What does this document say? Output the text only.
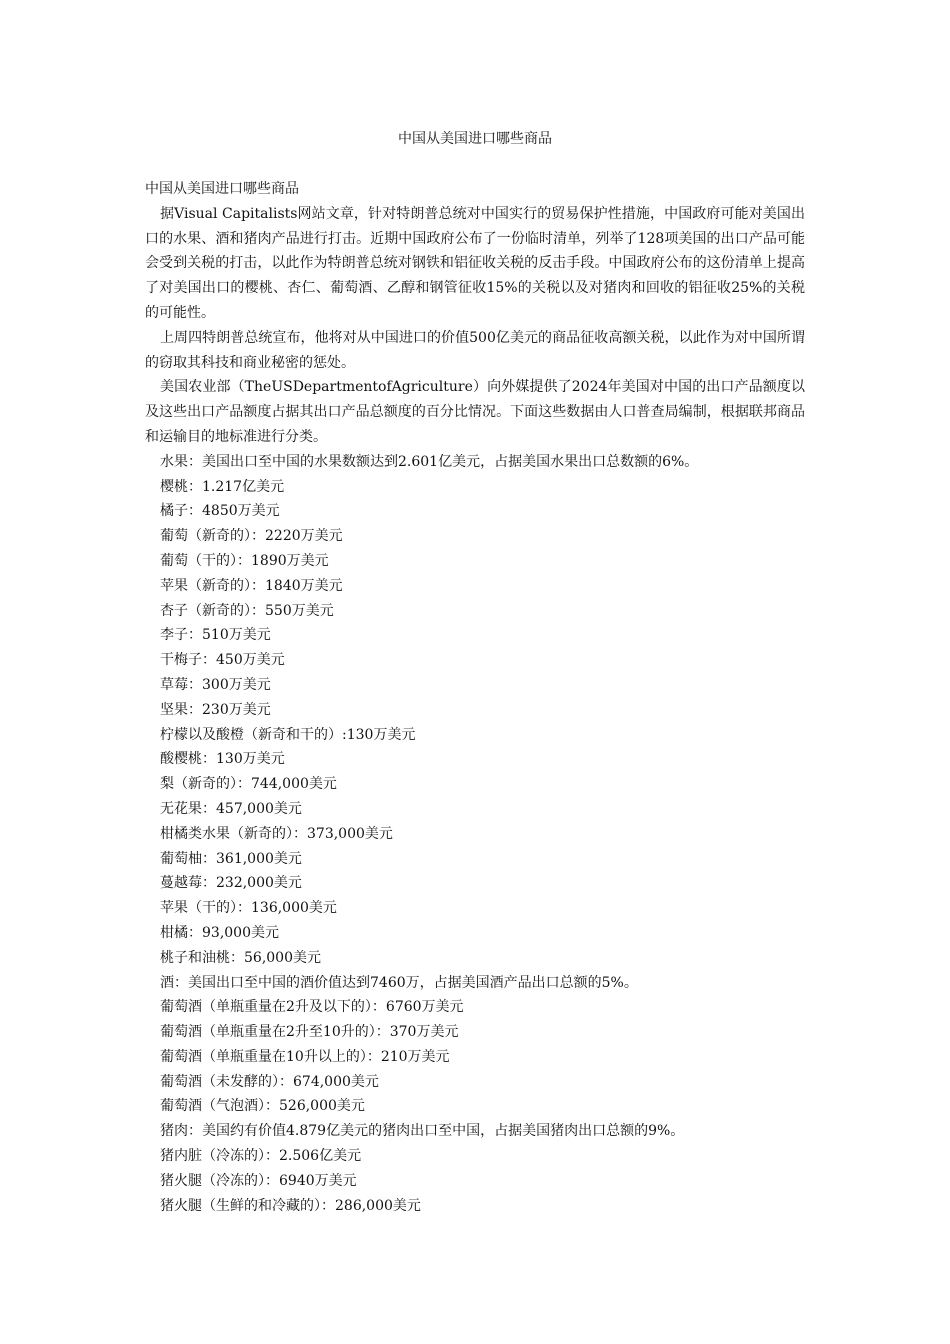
中国从美国进口哪些商品

中国从美国进口哪些商品

据Visual Capitalists网站文章，针对特朗普总统对中国实行的贸易保护性措施，中国政府可能对美国出口的水果、酒和猪肉产品进行打击。近期中国政府公布了一份临时清单，列举了128项美国的出口产品可能会受到关税的打击，以此作为特朗普总统对钢铁和铝征收关税的反击手段。中国政府公布的这份清单上提高了对美国出口的樱桃、杏仁、葡萄酒、乙醇和钢管征收15%的关税以及对猪肉和回收的铝征收25%的关税的可能性。

上周四特朗普总统宣布，他将对从中国进口的价值500亿美元的商品征收高额关税，以此作为对中国所谓的窃取其科技和商业秘密的惩处。

美国农业部（TheUSDepartmentofAgriculture）向外媒提供了2024年美国对中国的出口产品额度以及这些出口产品额度占据其出口产品总额度的百分比情况。下面这些数据由人口普查局编制，根据联邦商品和运输目的地标准进行分类。

水果：美国出口至中国的水果数额达到2.601亿美元，占据美国水果出口总数额的6%。

樱桃：1.217亿美元

橘子：4850万美元

葡萄（新奇的）：2220万美元

葡萄（干的）：1890万美元

苹果（新奇的）：1840万美元

杏子（新奇的）：550万美元

李子：510万美元

干梅子：450万美元

草莓：300万美元

坚果：230万美元

柠檬以及酸橙（新奇和干的）:130万美元

酸樱桃：130万美元

梨（新奇的）：744,000美元

无花果：457,000美元

柑橘类水果（新奇的）：373,000美元

葡萄柚：361,000美元

蔓越莓：232,000美元

苹果（干的）：136,000美元

柑橘：93,000美元

桃子和油桃：56,000美元

酒：美国出口至中国的酒价值达到7460万，占据美国酒产品出口总额的5%。

葡萄酒（单瓶重量在2升及以下的）：6760万美元

葡萄酒（单瓶重量在2升至10升的）：370万美元

葡萄酒（单瓶重量在10升以上的）：210万美元

葡萄酒（未发酵的）：674,000美元

葡萄酒（气泡酒）：526,000美元

猪肉：美国约有价值4.879亿美元的猪肉出口至中国，占据美国猪肉出口总额的9%。

猪内脏（冷冻的）：2.506亿美元

猪火腿（冷冻的）：6940万美元

猪火腿（生鲜的和冷藏的）：286,000美元
